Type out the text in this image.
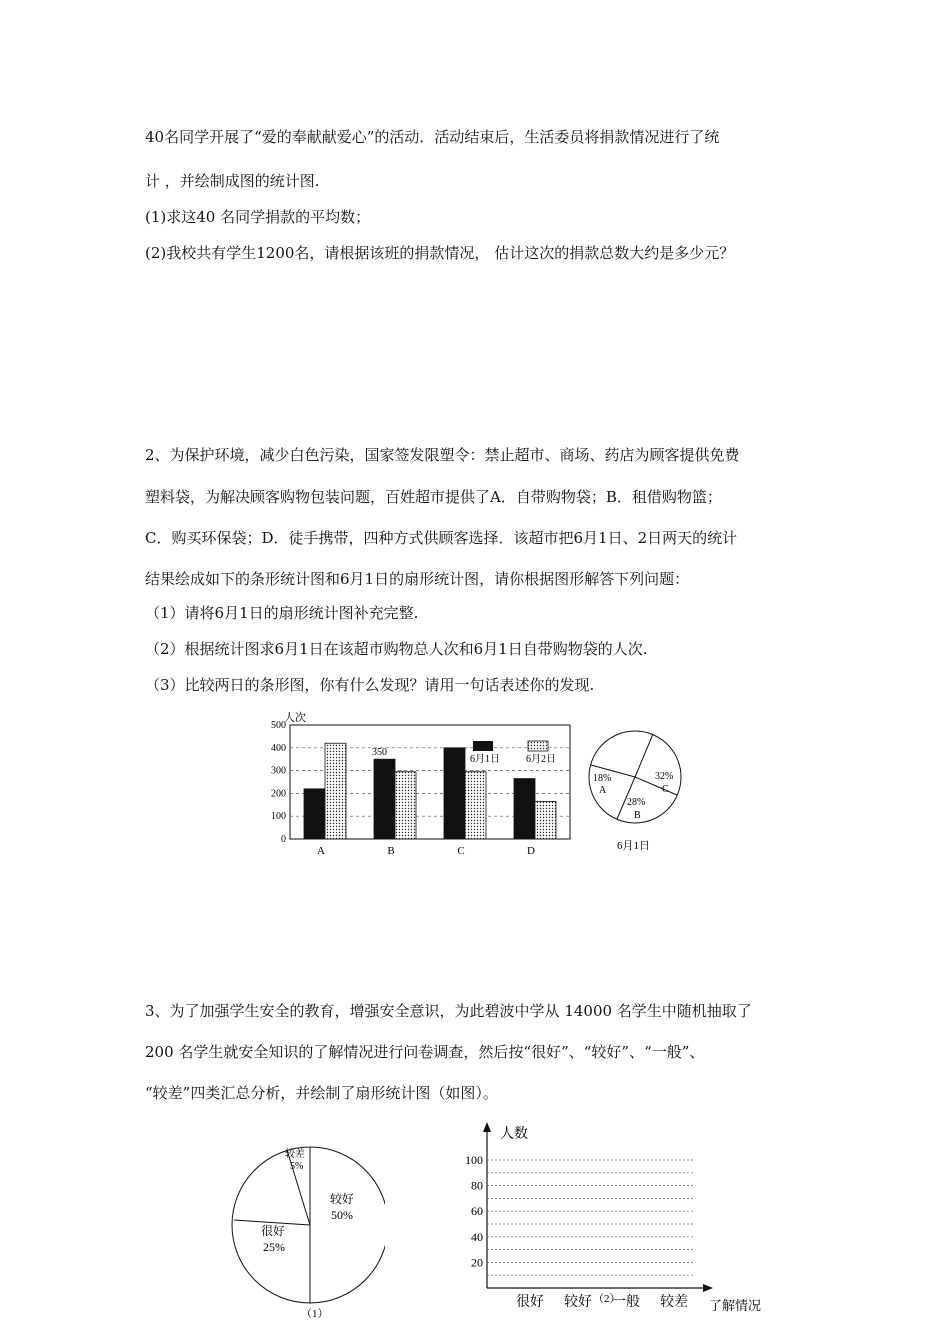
40名同学开展了“爱的奉献献爱心”的活动．活动结束后，生活委员将捐款情况进行了统

计 ，并绘制成图的统计图.

(1)求这40 名同学捐款的平均数；

(2)我校共有学生1200名，请根据该班的捐款情况， 估计这次的捐款总数大约是多少元？

2、为保护环境，减少白色污染，国家签发限塑令：禁止超市、商场、药店为顾客提供免费

塑料袋，为解决顾客购物包装问题，百姓超市提供了A．自带购物袋；B．租借购物篮；

C．购买环保袋；D．徒手携带，四种方式供顾客选择．该超市把6月1日、2日两天的统计

结果绘成如下的条形统计图和6月1日的扇形统计图，请你根据图形解答下列问题：

（1）请将6月1日的扇形统计图补充完整.

（2）根据统计图求6月1日在该超市购物总人次和6月1日自带购物袋的人次.

（3）比较两日的条形图，你有什么发现？请用一句话表述你的发现.

人次
0
100
200
300
400
500
A	B	C	D
350
6月1日	6月2日
18%
A
28%
B
32%
C
6月1日

3、为了加强学生安全的教育，增强安全意识，为此碧波中学从 14000 名学生中随机抽取了

200 名学生就安全知识的了解情况进行问卷调查，然后按“很好”、“较好”、“一般”、

“较差”四类汇总分析，并绘制了扇形统计图（如图）。

较差
5%
较好
50%
很好
25%
（1）
人数
了解情况
20
40
60
80
100
很好 较好 一般 较差
（2）
